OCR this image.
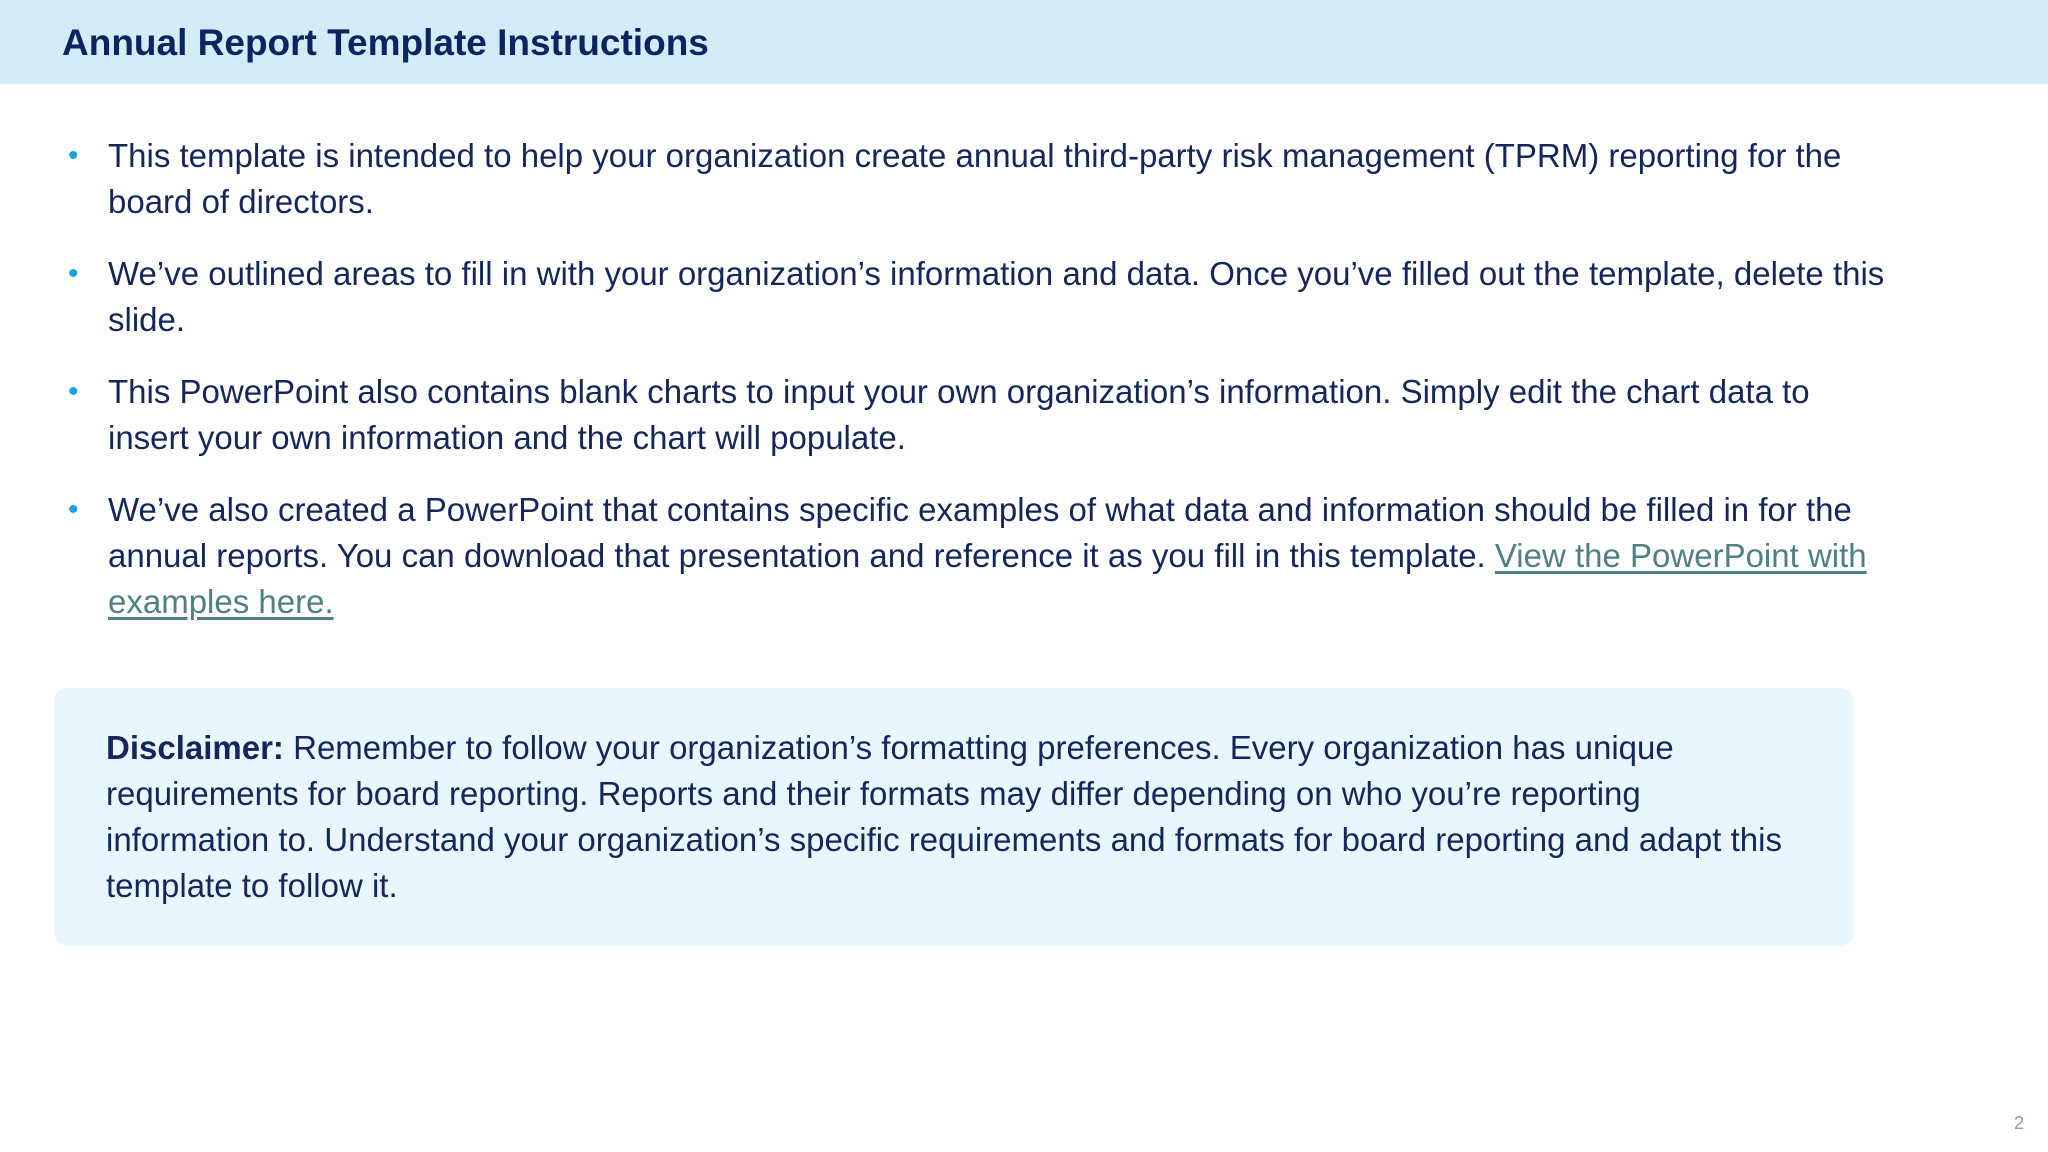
Annual Report Template Instructions
• This template is intended to help your organization create annual third-party risk management (TPRM) reporting for the board of directors.
• We’ve outlined areas to fill in with your organization’s information and data. Once you’ve filled out the template, delete this slide.
• This PowerPoint also contains blank charts to input your own organization’s information. Simply edit the chart data to insert your own information and the chart will populate.
• We’ve also created a PowerPoint that contains specific examples of what data and information should be filled in for the annual reports. You can download that presentation and reference it as you fill in this template. View the PowerPoint with examples here.
Disclaimer: Remember to follow your organization’s formatting preferences. Every organization has unique requirements for board reporting. Reports and their formats may differ depending on who you’re reporting information to. Understand your organization’s specific requirements and formats for board reporting and adapt this template to follow it.
2
